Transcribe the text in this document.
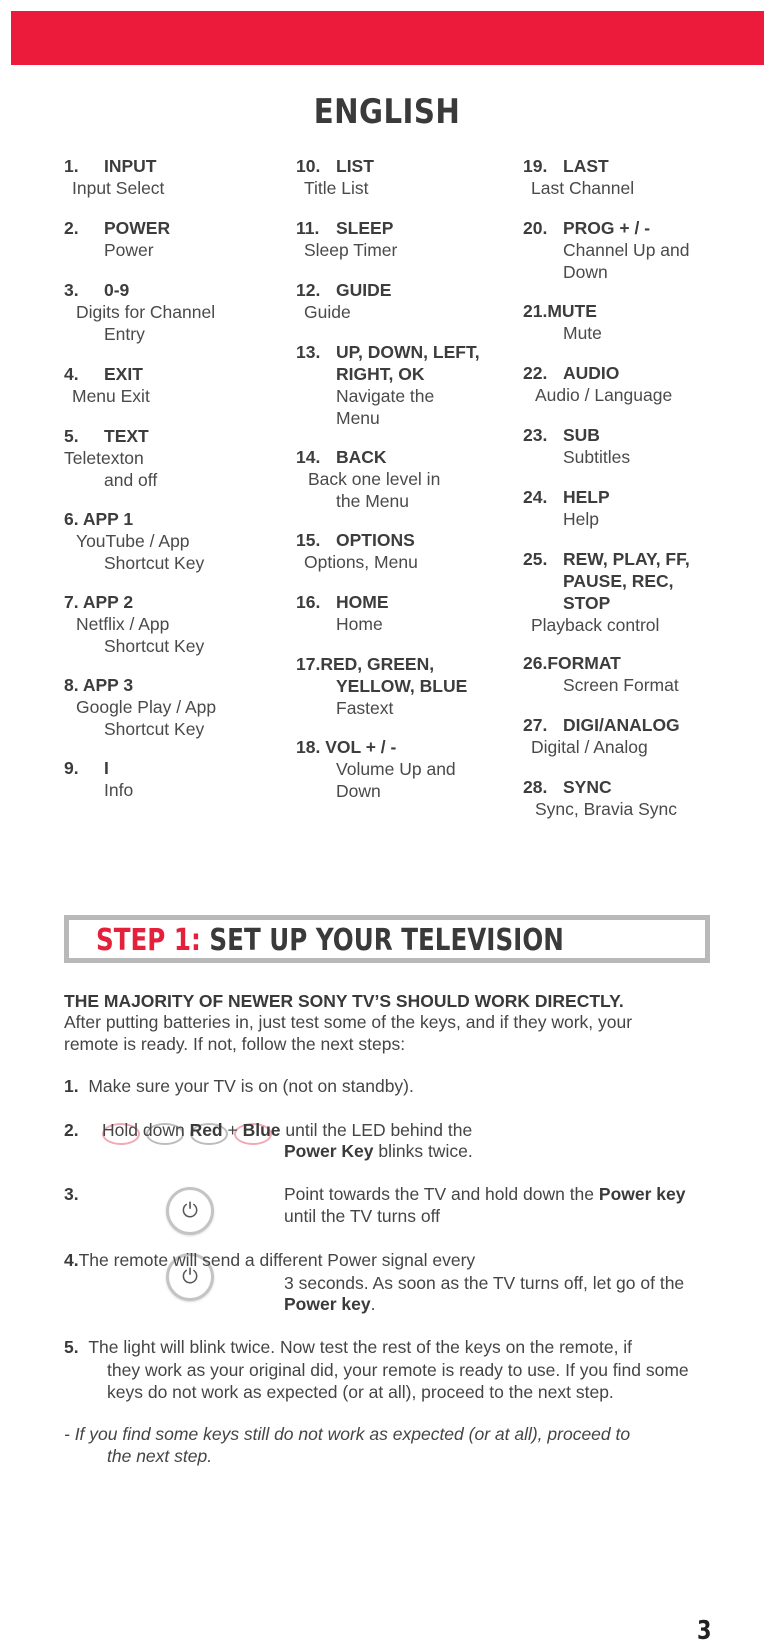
ENGLISH
1. INPUT
Input Select
2. POWER
Power
3. 0-9
Digits for Channel
Entry
4. EXIT
Menu Exit
5. TEXT
Teletexton
and off
6. APP 1
YouTube / App
Shortcut Key
7. APP 2
Netflix / App
Shortcut Key
8. APP 3
Google Play / App
Shortcut Key
9. I
Info
10. LIST
Title List
11. SLEEP
Sleep Timer
12. GUIDE
Guide
13. UP, DOWN, LEFT,
RIGHT, OK
Navigate the
Menu
14. BACK
Back one level in
the Menu
15. OPTIONS
Options, Menu
16. HOME
Home
17.RED, GREEN,
YELLOW, BLUE
Fastext
18. VOL + / -
Volume Up and
Down
19. LAST
Last Channel
20. PROG + / -
Channel Up and
Down
21.MUTE
Mute
22. AUDIO
Audio / Language
23. SUB
Subtitles
24. HELP
Help
25. REW, PLAY, FF,
PAUSE, REC,
STOP
Playback control
26.FORMAT
Screen Format
27. DIGI/ANALOG
Digital / Analog
28. SYNC
Sync, Bravia Sync
STEP 1: SET UP YOUR TELEVISION
THE MAJORITY OF NEWER SONY TV’S SHOULD WORK DIRECTLY.
After putting batteries in, just test some of the keys, and if they work, your
remote is ready. If not, follow the next steps:
1. Make sure your TV is on (not on standby).
2. Hold down Red + Blue until the LED behind the
Power Key blinks twice.
3.
⏻
Point towards the TV and hold down the Power key
until the TV turns off
⏻
4.The remote will send a different Power signal every
3 seconds. As soon as the TV turns off, let go of the
Power key.
5. The light will blink twice. Now test the rest of the keys on the remote, if
they work as your original did, your remote is ready to use. If you find some
keys do not work as expected (or at all), proceed to the next step.
- If you find some keys still do not work as expected (or at all), proceed to
the next step.
3
